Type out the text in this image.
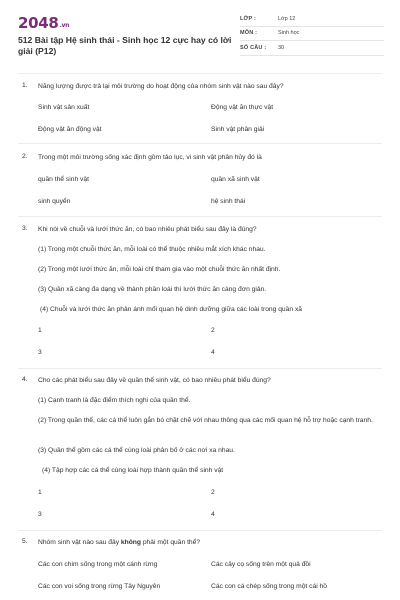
2048.vn
512 Bài tập Hệ sinh thái - Sinh học 12 cực hay có lời giải (P12)
LỚP :	Lớp 12
MÔN :	Sinh học
SỐ CÂU :	30
1. Năng lượng được trả lại môi trường do hoạt động của nhóm sinh vật nào sau đây?
Sinh vật sản xuất	Động vật ăn thực vật
Động vật ăn động vật	Sinh vật phân giải
2. Trong một môi trường sống xác định gồm tảo lục, vi sinh vật phân hủy đó là
quần thể sinh vật	quần xã sinh vật
sinh quyển	hệ sinh thái
3. Khi nói về chuỗi và lưới thức ăn, có bao nhiêu phát biểu sau đây là đúng?
(1) Trong một chuỗi thức ăn, mỗi loài có thể thuộc nhiều mắt xích khác nhau.
(2) Trong một lưới thức ăn, mỗi loài chỉ tham gia vào một chuỗi thức ăn nhất định.
(3) Quần xã càng đa dạng về thành phần loài thì lưới thức ăn càng đơn giản.
(4) Chuỗi và lưới thức ăn phản ánh mối quan hệ dinh dưỡng giữa các loài trong quần xã
1	2
3	4
4. Cho các phát biểu sau đây về quần thể sinh vật, có bao nhiêu phát biểu đúng?
(1) Cạnh tranh là đặc điểm thích nghi của quần thể.
(2) Trong quần thể, các cá thể luôn gắn bó chặt chẽ với nhau thông qua các mối quan hệ hỗ trợ hoặc cạnh tranh.
(3) Quần thể gồm các cá thể cùng loài phân bố ở các nơi xa nhau.
(4) Tập hợp các cá thể cùng loài hợp thành quần thể sinh vật
1	2
3	4
5. Nhóm sinh vật nào sau đây không phải một quần thể?
Các con chim sống trong một cánh rừng	Các cây cọ sống trên một quả đồi
Các con voi sống trong rừng Tây Nguyên	Các con cá chép sống trong một cái hồ
